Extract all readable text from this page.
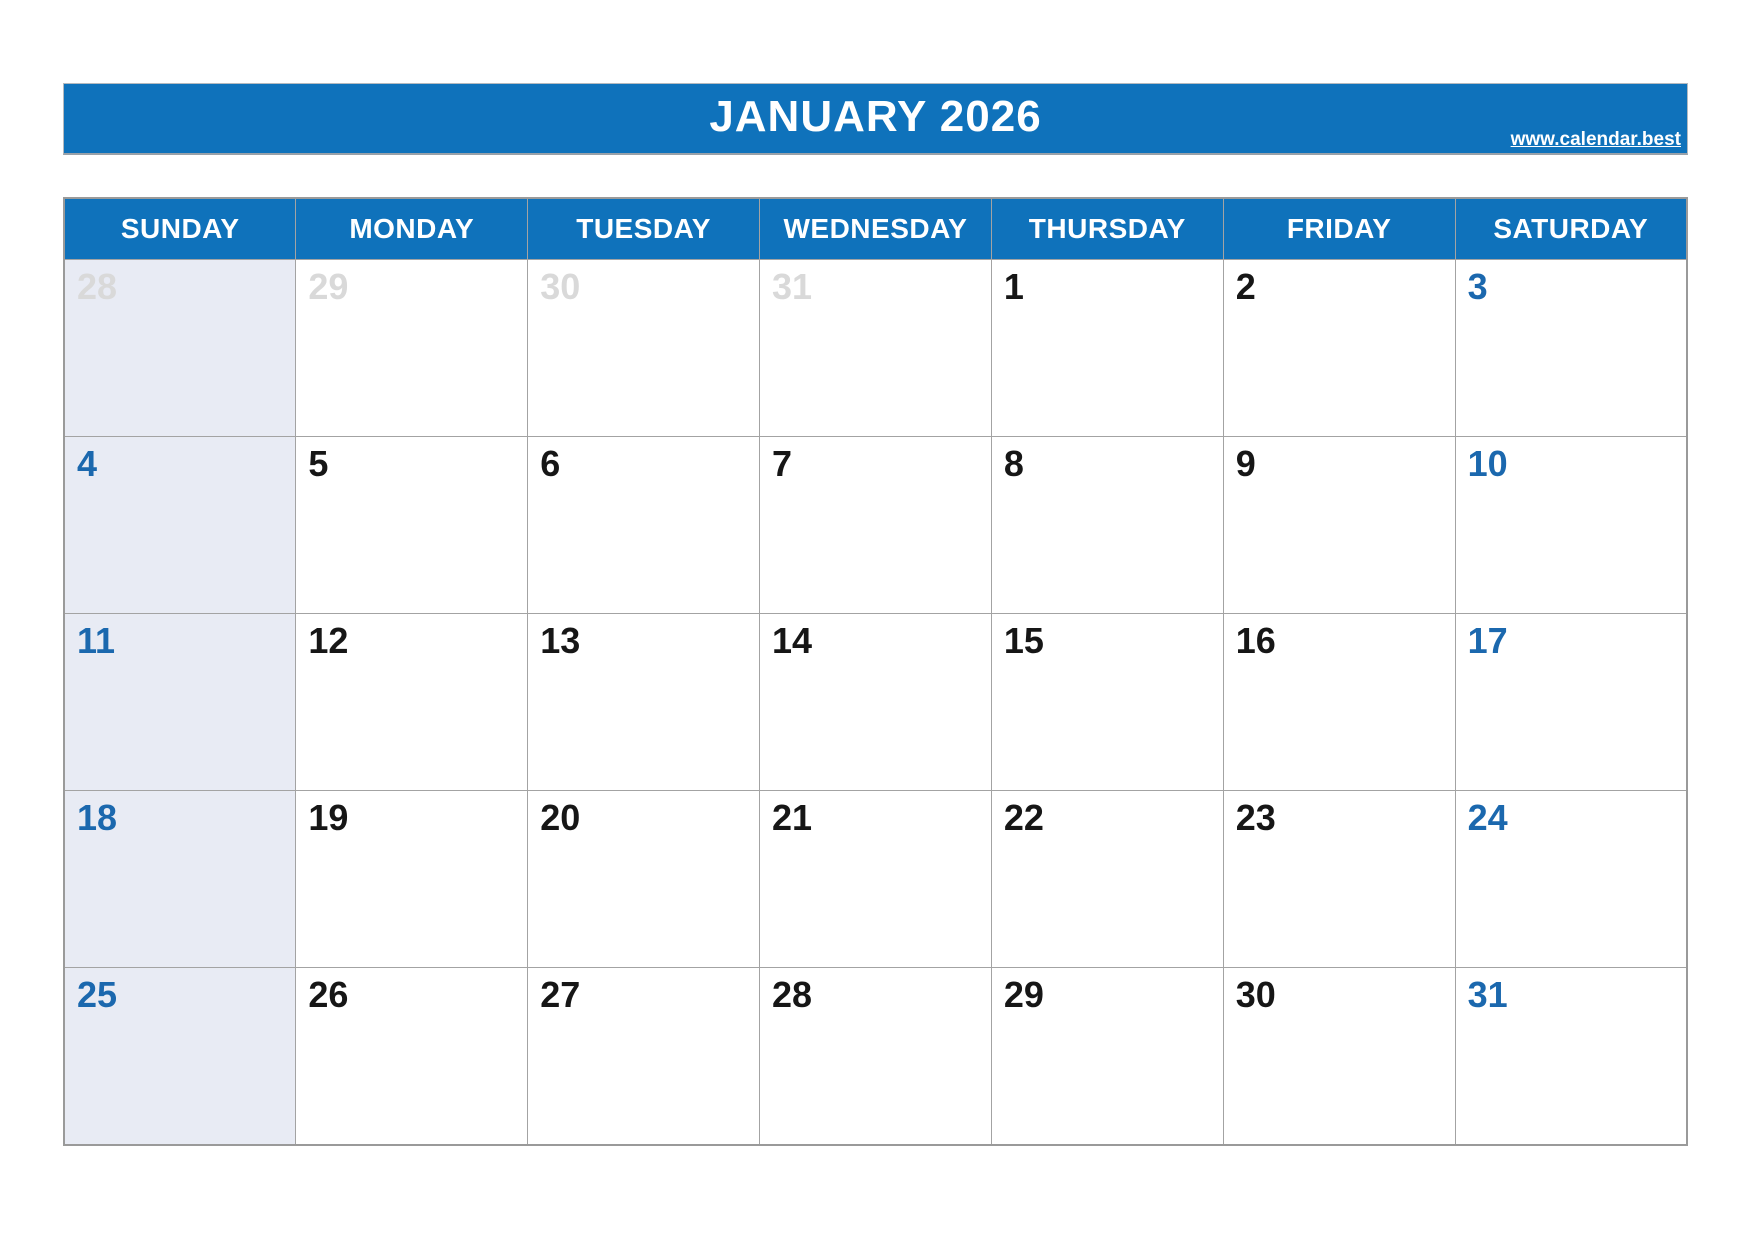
JANUARY 2026	www.calendar.best
SUNDAY	MONDAY	TUESDAY	WEDNESDAY	THURSDAY	FRIDAY	SATURDAY
28	29	30	31	1	2	3
4	5	6	7	8	9	10
11	12	13	14	15	16	17
18	19	20	21	22	23	24
25	26	27	28	29	30	31
